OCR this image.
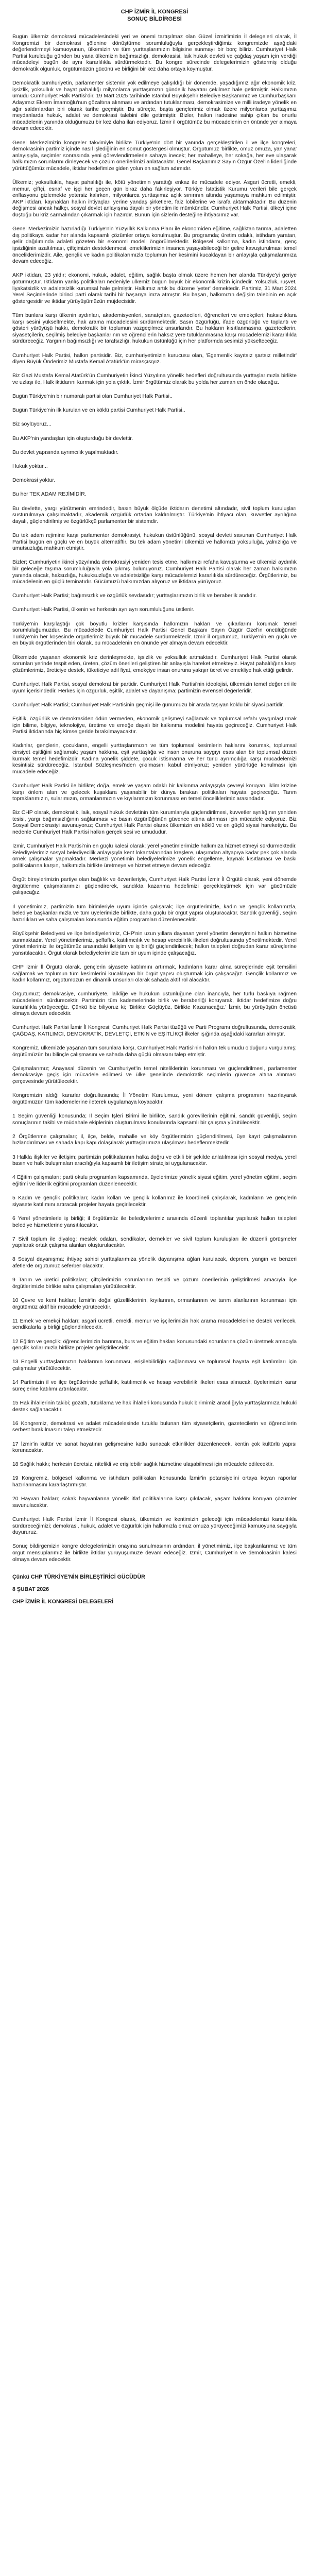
CHP İZMİR İL KONGRESİ
SONUÇ BİLDİRGESİ

Bugün ülkemiz demokrasi mücadelesindeki yeri ve önemi tartışılmaz olan Güzel İzmir'imizin İl delegeleri olarak, İl Kongremizi bir demokrasi şölenine dönüştürme sorumluluğuyla gerçekleştirdiğimiz kongremizde aşağıdaki değerlendirmeyi kamuoyunun, ülkemizin ve tüm yurttaşlarımızın bilgisine sunmayı bir borç biliriz. Cumhuriyet Halk Partisi kurulduğu günden bu yana ülkemizin bağımsızlığı, demokrasisi, laik hukuk devleti ve çağdaş yaşam için verdiği mücadeleyi bugün de aynı kararlılıkla sürdürmektedir. Bu kongre sürecinde delegelerimizin göstermiş olduğu demokratik olgunluk, örgütümüzün gücünü ve birliğini bir kez daha ortaya koymuştur.

Demokratik cumhuriyetin, parlamenter sistemin yok edilmeye çalışıldığı bir dönemde, yaşadığımız ağır ekonomik kriz, işsizlik, yoksulluk ve hayat pahalılığı milyonlarca yurttaşımızın gündelik hayatını çekilmez hale getirmiştir. Halkımızın umudu Cumhuriyet Halk Partisi'dir. 19 Mart 2025 tarihinde İstanbul Büyükşehir Belediye Başkanımız ve Cumhurbaşkanı Adayımız Ekrem İmamoğlu'nun gözaltına alınması ve ardından tutuklanması, demokrasimize ve milli iradeye yönelik en ağır saldırılardan biri olarak tarihe geçmiştir. Bu süreçte, başta gençlerimiz olmak üzere milyonlarca yurttaşımız meydanlarda hukuk, adalet ve demokrasi talebini dile getirmiştir. Bizler, halkın iradesine sahip çıkan bu onurlu mücadelenin yanında olduğumuzu bir kez daha ilan ediyoruz. İzmir il örgütümüz bu mücadelenin en önünde yer almaya devam edecektir.

Genel Merkezimizin kongreler takvimiyle birlikte Türkiye'nin dört bir yanında gerçekleştirilen il ve ilçe kongreleri, demokrasinin partimiz içinde nasıl işlediğinin en somut göstergesi olmuştur. Örgütümüz 'birlikte, omuz omuza, yan yana' anlayışıyla, seçimler sonrasında yeni görevlendirmelerle sahaya inecek; her mahalleye, her sokağa, her eve ulaşarak halkımızın sorunlarını dinleyecek ve çözüm önerilerimizi anlatacaktır. Genel Başkanımız Sayın Özgür Özel'in liderliğinde yürüttüğümüz mücadele, iktidar hedefimize giden yolun en sağlam adımıdır.

Ülkemiz; yoksullukla, hayat pahalılığı ile, kötü yönetimin yarattığı enkaz ile mücadele ediyor. Asgari ücretli, emekli, memur, çiftçi, esnaf ve işçi her geçen gün biraz daha fakirleşiyor. Türkiye İstatistik Kurumu verileri bile gerçek enflasyonu gizlemekte yetersiz kalırken, milyonlarca yurttaşımız açlık sınırının altında yaşamaya mahkum edilmiştir. AKP iktidarı, kaynakları halkın ihtiyaçları yerine yandaş şirketlere, faiz lobilerine ve israfa aktarmaktadır. Bu düzenin değişmesi ancak halkçı, sosyal devlet anlayışına dayalı bir yönetim ile mümkündür. Cumhuriyet Halk Partisi, ülkeyi içine düştüğü bu kriz sarmalından çıkarmak için hazırdır. Bunun için sizlerin desteğine ihtiyacımız var.

Genel Merkezimizin hazırladığı Türkiye'nin Yüzyıllık Kalkınma Planı ile ekonomiden eğitime, sağlıktan tarıma, adaletten dış politikaya kadar her alanda kapsamlı çözümler ortaya konulmuştur. Bu programda; üretim odaklı, istihdam yaratan, gelir dağılımında adaleti gözeten bir ekonomi modeli öngörülmektedir. Bölgesel kalkınma, kadın istihdamı, genç işsizliğinin azaltılması, çiftçimizin desteklenmesi, emeklilerimizin insanca yaşayabileceği bir gelire kavuşturulması temel önceliklerimizdir. Aile, gençlik ve kadın politikalarımızla toplumun her kesimini kucaklayan bir anlayışla çalışmalarımıza devam edeceğiz.

AKP iktidarı, 23 yıldır; ekonomi, hukuk, adalet, eğitim, sağlık başta olmak üzere hemen her alanda Türkiye'yi geriye götürmüştür. İktidarın yanlış politikaları nedeniyle ülkemiz bugün büyük bir ekonomik krizin içindedir. Yolsuzluk, rüşvet, liyakatsizlik ve adaletsizlik kurumsal hale gelmiştir. Halkımız artık bu düzene 'yeter' demektedir. Partimiz, 31 Mart 2024 Yerel Seçimlerinde birinci parti olarak tarihi bir başarıya imza atmıştır. Bu başarı, halkımızın değişim talebinin en açık göstergesidir ve iktidar yürüyüşümüzün müjdecisidir.

Tüm bunlara karşı ülkenin aydınları, akademisyenleri, sanatçıları, gazetecileri, öğrencileri ve emekçileri; haksızlıklara karşı sesini yükseltmekte, hak arama mücadelesini sürdürmektedir. Basın özgürlüğü, ifade özgürlüğü ve toplantı ve gösteri yürüyüşü hakkı, demokratik bir toplumun vazgeçilmez unsurlarıdır. Bu hakların kısıtlanmasına, gazetecilerin, siyasetçilerin, seçilmiş belediye başkanlarının ve öğrencilerin haksız yere tutuklanmasına karşı mücadelemizi kararlılıkla sürdüreceğiz. Yargının bağımsızlığı ve tarafsızlığı, hukukun üstünlüğü için her platformda sesimizi yükselteceğiz.

Cumhuriyet Halk Partisi, halkın partisidir. Biz, cumhuriyetimizin kurucusu olan, 'Egemenlik kayıtsız şartsız milletindir' diyen Büyük Önderimiz Mustafa Kemal Atatürk'ün mirasçısıyız.

Biz Gazi Mustafa Kemal Atatürk'ün Cumhuriyetin İkinci Yüzyılına yönelik hedefleri doğrultusunda yurttaşlarımızla birlikte ve uzlaşı ile, Halk iktidarını kurmak için yola çıktık. İzmir örgütümüz olarak bu yolda her zaman en önde olacağız.

Bugün Türkiye'nin bir numaralı partisi olan Cumhuriyet Halk Partisi..

Bugün Türkiye'nin ilk kurulan ve en köklü partisi Cumhuriyet Halk Partisi..

Biz söylüyoruz...

Bu AKP'nin yandaşları için oluşturduğu bir devlettir.

Bu devlet yapısında ayrımcılık yapılmaktadır.

Hukuk yoktur...

Demokrasi yoktur.

Bu her TEK ADAM REJİMİDİR.

Bu devlette, yargı yürütmenin emrindedir, basın büyük ölçüde iktidarın denetimi altındadır, sivil toplum kuruluşları susturulmaya çalışılmaktadır, akademik özgürlük ortadan kaldırılmıştır. Türkiye'nin ihtiyacı olan, kuvvetler ayrılığına dayalı, güçlendirilmiş ve özgürlükçü parlamenter bir sistemdir.

Bu tek adam rejimine karşı parlamenter demokrasiyi, hukukun üstünlüğünü, sosyal devleti savunan Cumhuriyet Halk Partisi bugün en güçlü ve en büyük alternatiftir. Bu tek adam yönetimi ülkemizi ve halkımızı yoksulluğa, yalnızlığa ve umutsuzluğa mahkum etmiştir.

Bizler; Cumhuriyetin ikinci yüzyılında demokrasiyi yeniden tesis etme, halkımızı refaha kavuşturma ve ülkemizi aydınlık bir geleceğe taşıma sorumluluğuyla yola çıkmış bulunuyoruz. Cumhuriyet Halk Partisi olarak her zaman halkımızın yanında olacak, haksızlığa, hukuksuzluğa ve adaletsizliğe karşı mücadelemizi kararlılıkla sürdüreceğiz. Örgütlerimiz, bu mücadelenin en güçlü teminatıdır. Gücümüzü halkımızdan alıyoruz ve iktidara yürüyoruz.

Cumhuriyet Halk Partisi; bağımsızlık ve özgürlük sevdasıdır; yurttaşlarımızın birlik ve beraberlik andıdır.

Cumhuriyet Halk Partisi, ülkenin ve herkesin ayrı ayrı sorumluluğunu üstlenir.

Türkiye'nin karşılaştığı çok boyutlu krizler karşısında halkımızın hakları ve çıkarlarını korumak temel sorumluluğumuzdur. Bu mücadelede Cumhuriyet Halk Partisi Genel Başkanı Sayın Özgür Özel'in öncülüğünde Türkiye'nin her köşesinde örgütlerimiz büyük bir mücadele sürdürmektedir. İzmir il örgütümüz, Türkiye'nin en güçlü ve en büyük örgütlerinden biri olarak, bu mücadelenin en önünde yer almaya devam edecektir.

Ülkemizde yaşanan ekonomik kriz derinleşmekte, işsizlik ve yoksulluk artmaktadır. Cumhuriyet Halk Partisi olarak sorunları yerinde tespit eden, üreten, çözüm önerileri geliştiren bir anlayışla hareket etmekteyiz. Hayat pahalılığına karşı çözümlerimiz, üreticiye destek, tüketiciye adil fiyat, emekçiye insan onuruna yakışır ücret ve emekliye hak ettiği gelirdir.

Cumhuriyet Halk Partisi, sosyal demokrat bir partidir. Cumhuriyet Halk Partisi'nin ideolojisi, ülkemizin temel değerleri ile uyum içerisindedir. Herkes için özgürlük, eşitlik, adalet ve dayanışma; partimizin evrensel değerleridir.

Cumhuriyet Halk Partisi; Cumhuriyet Halk Partisinin geçmişi ile günümüzü bir arada taşıyan köklü bir siyasi partidir.

Eşitlik, özgürlük ve demokrasiden ödün vermeden, ekonomik gelişmeyi sağlamak ve toplumsal refahı yaygınlaştırmak için bilime, bilgiye, teknolojiye, üretime ve emeğe dayalı bir kalkınma modelini hayata geçireceğiz. Cumhuriyet Halk Partisi iktidarında hiç kimse geride bırakılmayacaktır.

Kadınlar, gençlerin, çocukların, engelli yurttaşlarımızın ve tüm toplumsal kesimlerin haklarını korumak, toplumsal cinsiyet eşitliğini sağlamak; yaşam hakkına, eşit yurttaşlığa ve insan onuruna saygıyı esas alan bir toplumsal düzen kurmak temel hedefimizdir. Kadına yönelik şiddete, çocuk istismarına ve her türlü ayrımcılığa karşı mücadelemizi kesintisiz sürdüreceğiz. İstanbul Sözleşmesi'nden çıkılmasını kabul etmiyoruz; yeniden yürürlüğe konulması için mücadele edeceğiz.

Cumhuriyet Halk Partisi ile birlikte; doğa, emek ve yaşam odaklı bir kalkınma anlayışıyla çevreyi koruyan, iklim krizine karşı önlem alan ve gelecek kuşaklara yaşanabilir bir dünya bırakan politikaları hayata geçireceğiz. Tarım topraklarımızın, sularımızın, ormanlarımızın ve kıyılarımızın korunması en temel önceliklerimiz arasındadır.

Biz CHP olarak, demokratik, laik, sosyal hukuk devletinin tüm kurumlarıyla güçlendirilmesi, kuvvetler ayrılığının yeniden tesisi, yargı bağımsızlığının sağlanması ve basın özgürlüğünün güvence altına alınması için mücadele ediyoruz. Biz Sosyal Demokrasiyi savunuyoruz; Cumhuriyet Halk Partisi olarak ülkemizin en köklü ve en güçlü siyasi hareketiyiz. Bu nedenle Cumhuriyet Halk Partisi halkın gerçek sesi ve umududur.

İzmir, Cumhuriyet Halk Partisi'nin en güçlü kalesi olarak; yerel yönetimlerimizle halkımıza hizmet etmeyi sürdürmektedir. Belediyelerimiz sosyal belediyecilik anlayışıyla kent lokantalarından kreşlere, ulaşımdan altyapıya kadar pek çok alanda örnek çalışmalar yapmaktadır. Merkezi yönetimin belediyelerimize yönelik engelleme, kaynak kısıtlaması ve baskı politikalarına karşın, halkımızla birlikte üretmeye ve hizmet etmeye devam edeceğiz.

Örgüt bireylerimizin partiye olan bağlılık ve özverileriyle, Cumhuriyet Halk Partisi İzmir İl Örgütü olarak, yeni dönemde örgütlenme çalışmalarımızı güçlendirerek, sandıkta kazanma hedefimizi gerçekleştirmek için var gücümüzle çalışacağız.

İl yönetimimiz, partimizin tüm birimleriyle uyum içinde çalışarak; ilçe örgütlerimizle, kadın ve gençlik kollarımızla, belediye başkanlarımızla ve tüm üyelerimizle birlikte, daha güçlü bir örgüt yapısı oluşturacaktır. Sandık güvenliği, seçim hazırlıkları ve saha çalışmaları konusunda eğitim programları düzenlenecektir.

Büyükşehir Belediyesi ve ilçe belediyelerimiz, CHP'nin uzun yıllara dayanan yerel yönetim deneyimini halkın hizmetine sunmaktadır. Yerel yönetimlerimiz, şeffaflık, katılımcılık ve hesap verebilirlik ilkeleri doğrultusunda yönetilmektedir. Yerel yönetimlerimiz ile örgütümüz arasındaki iletişim ve iş birliği güçlendirilecek; halkın talepleri doğrudan karar süreçlerine yansıtılacaktır. Örgüt olarak belediyelerimizle tam bir uyum içinde çalışacağız.

CHP İzmir İl Örgütü olarak, gençlerin siyasete katılımını artırmak, kadınların karar alma süreçlerinde eşit temsilini sağlamak ve toplumun tüm kesimlerini kucaklayan bir örgüt yapısı oluşturmak için çalışacağız. Gençlik kollarımız ve kadın kollarımız, örgütümüzün en dinamik unsurları olarak sahada aktif rol alacaktır.

Örgütümüz; demokrasiye, cumhuriyete, laikliğe ve hukukun üstünlüğüne olan inancıyla, her türlü baskıya rağmen mücadelesini sürdürecektir. Partimizin tüm kademelerinde birlik ve beraberliği koruyarak, iktidar hedefimize doğru kararlılıkla yürüyeceğiz. Çünkü biz biliyoruz ki; 'Birlikte Güçlüyüz, Birlikte Kazanacağız.' İzmir, bu yürüyüşün öncüsü olmaya devam edecektir.

Cumhuriyet Halk Partisi İzmir İl Kongresi; Cumhuriyet Halk Partisi tüzüğü ve Parti Programı doğrultusunda, demokratik, ÇAĞDAŞ, KATILIMCI, DEMOKRATİK, DEVLETÇİ, ETKİN ve EŞİTLİKÇİ ilkeler ışığında aşağıdaki kararları almıştır.

Kongremiz, ülkemizde yaşanan tüm sorunlara karşı, Cumhuriyet Halk Partisi'nin halkın tek umudu olduğunu vurgulamış; örgütümüzün bu bilinçle çalışmasını ve sahada daha güçlü olmasını talep etmiştir.

Çalışmalarımız; Anayasal düzenin ve Cumhuriyet'in temel niteliklerinin korunması ve güçlendirilmesi, parlamenter demokrasiye geçiş için mücadele edilmesi ve ülke genelinde demokratik seçimlerin güvence altına alınması çerçevesinde yürütülecektir.

Kongremizin aldığı kararlar doğrultusunda; İl Yönetim Kurulumuz, yeni dönem çalışma programını hazırlayarak örgütümüzün tüm kademelerine ileterek uygulamaya koyacaktır.

1 Seçim güvenliği konusunda; İl Seçim İşleri Birimi ile birlikte, sandık görevlilerinin eğitimi, sandık güvenliği, seçim sonuçlarının takibi ve müdahale ekiplerinin oluşturulması konularında kapsamlı bir çalışma yürütülecektir.

2 Örgütlenme çalışmaları; il, ilçe, belde, mahalle ve köy örgütlerimizin güçlendirilmesi, üye kayıt çalışmalarının hızlandırılması ve sahada kapı kapı dolaşılarak yurttaşlarımıza ulaşılması hedeflenmektedir.

3 Halkla ilişkiler ve iletişim; partimizin politikalarının halka doğru ve etkili bir şekilde anlatılması için sosyal medya, yerel basın ve halk buluşmaları aracılığıyla kapsamlı bir iletişim stratejisi uygulanacaktır.

4 Eğitim çalışmaları; parti okulu programları kapsamında, üyelerimize yönelik siyasi eğitim, yerel yönetim eğitimi, seçim eğitimi ve liderlik eğitimi programları düzenlenecektir.

5 Kadın ve gençlik politikaları; kadın kolları ve gençlik kollarımız ile koordineli çalışılarak, kadınların ve gençlerin siyasete katılımını artıracak projeler hayata geçirilecektir.

6 Yerel yönetimlerle iş birliği; il örgütümüz ile belediyelerimiz arasında düzenli toplantılar yapılarak halkın talepleri belediye hizmetlerine yansıtılacaktır.

7 Sivil toplum ile diyalog; meslek odaları, sendikalar, dernekler ve sivil toplum kuruluşları ile düzenli görüşmeler yapılarak ortak çalışma alanları oluşturulacaktır.

8 Sosyal dayanışma; ihtiyaç sahibi yurttaşlarımıza yönelik dayanışma ağları kurulacak, deprem, yangın ve benzeri afetlerde örgütümüz seferber olacaktır.

9 Tarım ve üretici politikaları; çiftçilerimizin sorunlarının tespiti ve çözüm önerilerinin geliştirilmesi amacıyla ilçe örgütlerimizle birlikte saha çalışmaları yürütülecektir.

10 Çevre ve kent hakları; İzmir'in doğal güzelliklerinin, kıyılarının, ormanlarının ve tarım alanlarının korunması için örgütümüz aktif bir mücadele yürütecektir.

11 Emek ve emekçi hakları; asgari ücretli, emekli, memur ve işçilerimizin hak arama mücadelelerine destek verilecek, sendikalarla iş birliği güçlendirilecektir.

12 Eğitim ve gençlik; öğrencilerimizin barınma, burs ve eğitim hakları konusundaki sorunlarına çözüm üretmek amacıyla gençlik kollarımızla birlikte projeler geliştirilecektir.

13 Engelli yurttaşlarımızın haklarının korunması, erişilebilirliğin sağlanması ve toplumsal hayata eşit katılımları için çalışmalar yürütülecektir.

14 Partimizin il ve ilçe örgütlerinde şeffaflık, katılımcılık ve hesap verebilirlik ilkeleri esas alınacak, üyelerimizin karar süreçlerine katılımı artırılacaktır.

15 Hak ihlallerinin takibi; gözaltı, tutuklama ve hak ihlalleri konusunda hukuk birimimiz aracılığıyla yurttaşlarımıza hukuki destek sağlanacaktır.

16 Kongremiz, demokrasi ve adalet mücadelesinde tutuklu bulunan tüm siyasetçilerin, gazetecilerin ve öğrencilerin serbest bırakılmasını talep etmektedir.

17 İzmir'in kültür ve sanat hayatının gelişmesine katkı sunacak etkinlikler düzenlenecek, kentin çok kültürlü yapısı korunacaktır.

18 Sağlık hakkı; herkesin ücretsiz, nitelikli ve erişilebilir sağlık hizmetine ulaşabilmesi için mücadele edilecektir.

19 Kongremiz, bölgesel kalkınma ve istihdam politikaları konusunda İzmir'in potansiyelini ortaya koyan raporlar hazırlanmasını kararlaştırmıştır.

20 Hayvan hakları; sokak hayvanlarına yönelik itlaf politikalarına karşı çıkılacak, yaşam hakkını koruyan çözümler savunulacaktır.

Cumhuriyet Halk Partisi İzmir İl Kongresi olarak, ülkemizin ve kentimizin geleceği için mücadelemizi kararlılıkla sürdüreceğimizi; demokrasi, hukuk, adalet ve özgürlük için halkımızla omuz omuza yürüyeceğimizi kamuoyuna saygıyla duyururuz.

Sonuç bildirgemizin kongre delegelerimizin onayına sunulmasının ardından; il yönetimimiz, ilçe başkanlarımız ve tüm örgüt mensuplarımız ile birlikte iktidar yürüyüşümüze devam edeceğiz. İzmir, Cumhuriyet'in ve demokrasinin kalesi olmaya devam edecektir.

Çünkü CHP TÜRKİYE'NİN BİRLEŞTİRİCİ GÜCÜDÜR
8 ŞUBAT 2026
CHP İZMİR İL KONGRESİ DELEGELERİ
